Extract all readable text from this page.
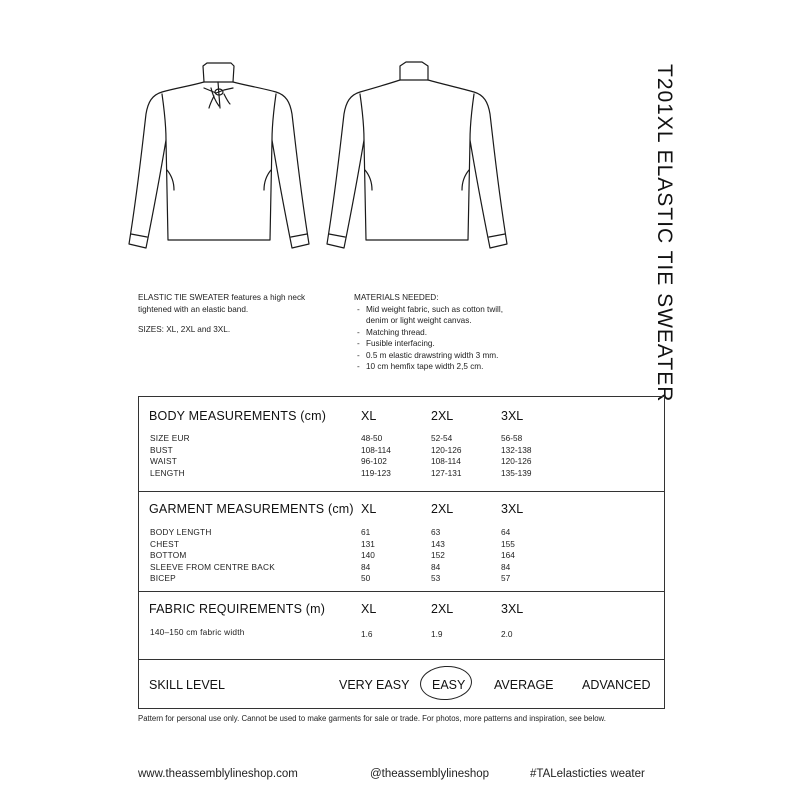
T201XL ELASTIC TIE SWEATER
ELASTIC TIE SWEATER features a high neck
tightened with an elastic band.
SIZES: XL, 2XL and 3XL.
MATERIALS NEEDED:
- Mid weight fabric, such as cotton twill,
denim or light weight canvas.
- Matching thread.
- Fusible interfacing.
- 0.5 m elastic drawstring width 3 mm.
- 10 cm hemfix tape width 2,5 cm.
BODY MEASUREMENTS (cm)	XL	2XL	3XL
SIZE EUR	48-50	52-54	56-58
BUST	108-114	120-126	132-138
WAIST	96-102	108-114	120-126
LENGTH	119-123	127-131	135-139
GARMENT MEASUREMENTS (cm) XL	2XL	3XL
BODY LENGTH	61	63	64
CHEST	131	143	155
BOTTOM	140	152	164
SLEEVE FROM CENTRE BACK	84	84	84
BICEP	50	53	57
FABRIC REQUIREMENTS (m)	XL	2XL	3XL
140–150 cm fabric width	1.6	1.9	2.0
SKILL LEVEL	VERY EASY EASY AVERAGE ADVANCED
Pattern for personal use only. Cannot be used to make garments for sale or trade. For photos, more patterns and inspiration, see below.
www.theassemblylineshop.com	@theassemblylineshop	#TALelasticties weater
